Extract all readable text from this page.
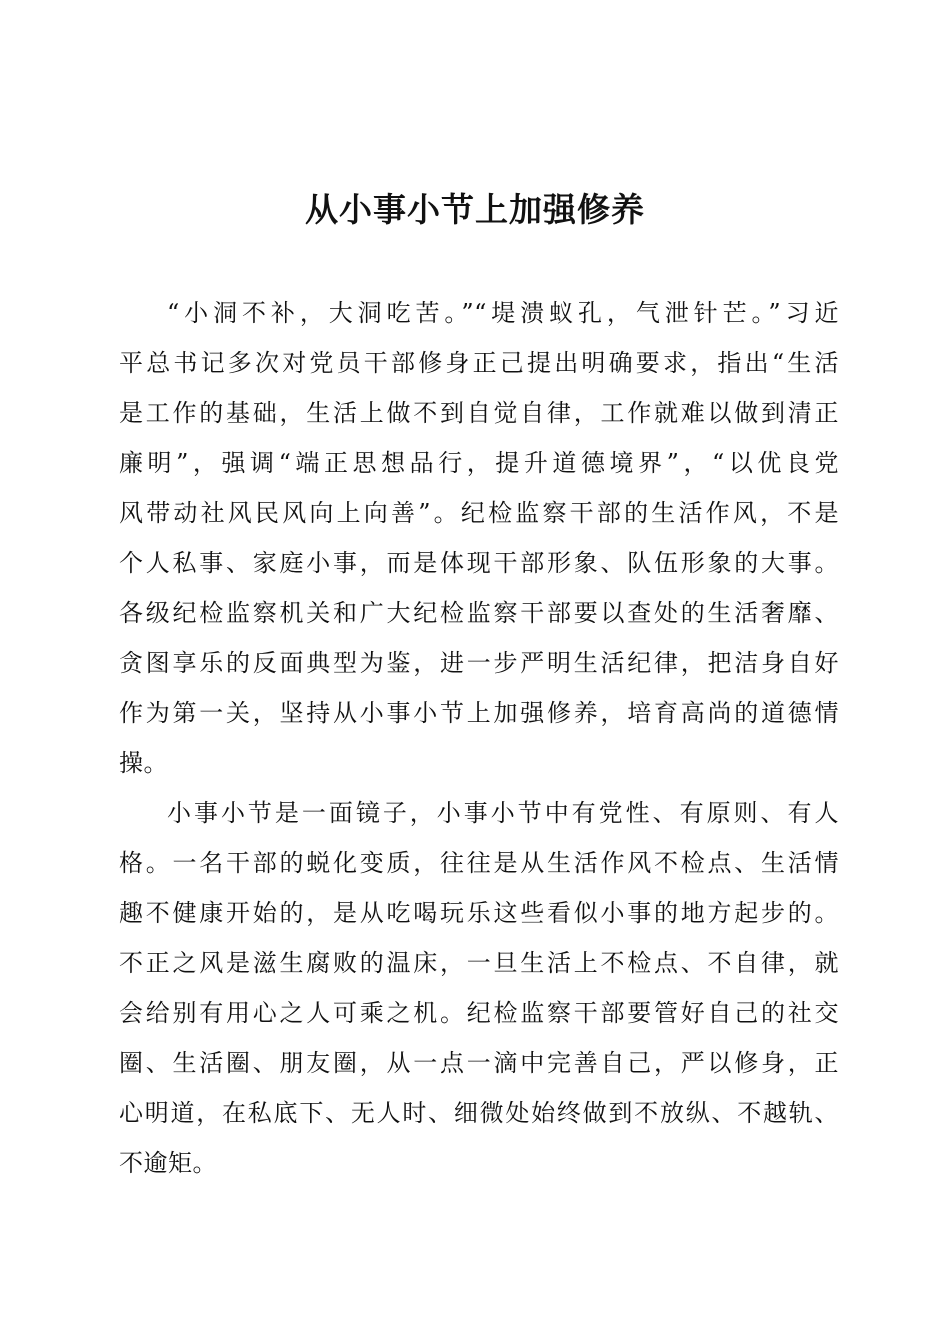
从小事小节上加强修养
“小洞不补，大洞吃苦。”“堤溃蚁孔，气泄针芒。”习近
平总书记多次对党员干部修身正己提出明确要求，指出“生活
是工作的基础，生活上做不到自觉自律，工作就难以做到清正
廉明”，强调“端正思想品行，提升道德境界”，“以优良党
风带动社风民风向上向善”。纪检监察干部的生活作风，不是
个人私事、家庭小事，而是体现干部形象、队伍形象的大事。
各级纪检监察机关和广大纪检监察干部要以查处的生活奢靡、
贪图享乐的反面典型为鉴，进一步严明生活纪律，把洁身自好
作为第一关，坚持从小事小节上加强修养，培育高尚的道德情
操。
小事小节是一面镜子，小事小节中有党性、有原则、有人
格。一名干部的蜕化变质，往往是从生活作风不检点、生活情
趣不健康开始的，是从吃喝玩乐这些看似小事的地方起步的。
不正之风是滋生腐败的温床，一旦生活上不检点、不自律，就
会给别有用心之人可乘之机。纪检监察干部要管好自己的社交
圈、生活圈、朋友圈，从一点一滴中完善自己，严以修身，正
心明道，在私底下、无人时、细微处始终做到不放纵、不越轨、
不逾矩。
